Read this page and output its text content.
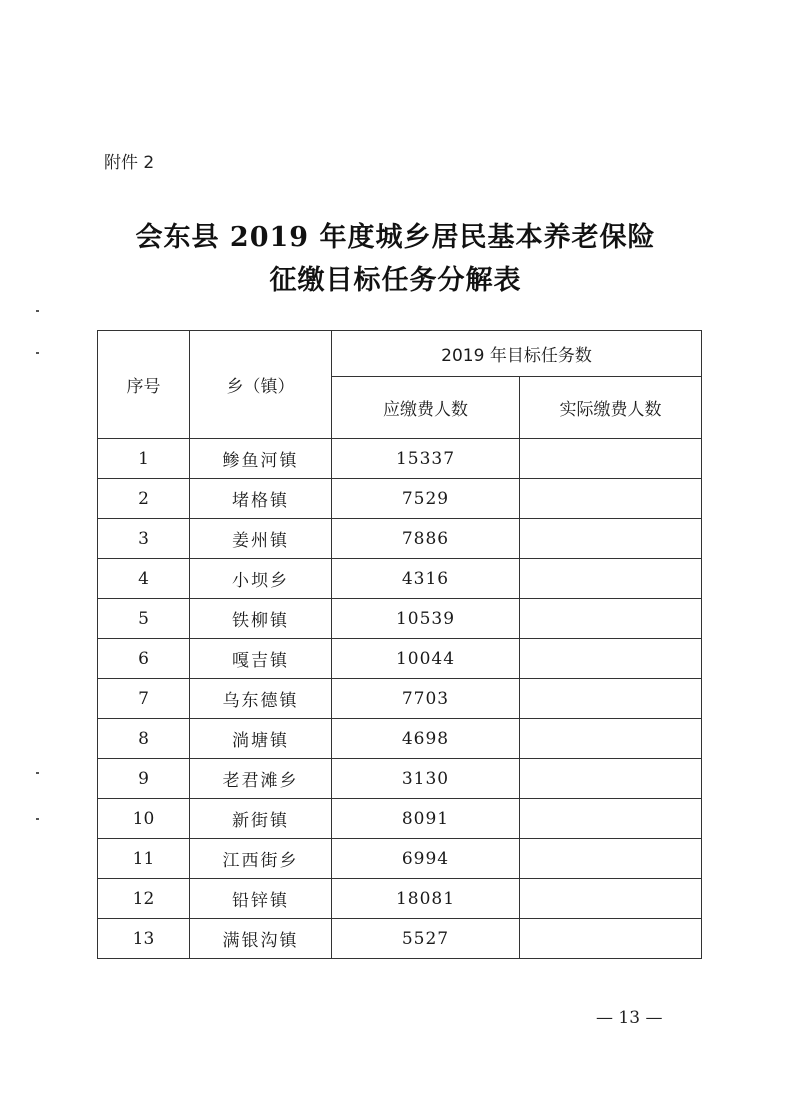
附件 2
会东县 2019 年度城乡居民基本养老保险
征缴目标任务分解表
序号	乡（镇）	2019 年目标任务数	
		应缴费人数	实际缴费人数
1	鲹鱼河镇	15337	
2	堵格镇	7529	
3	姜州镇	7886	
4	小坝乡	4316	
5	铁柳镇	10539	
6	嘎吉镇	10044	
7	乌东德镇	7703	
8	淌塘镇	4698	
9	老君滩乡	3130	
10	新街镇	8091	
11	江西街乡	6994	
12	铅锌镇	18081	
13	满银沟镇	5527	
— 13 —
